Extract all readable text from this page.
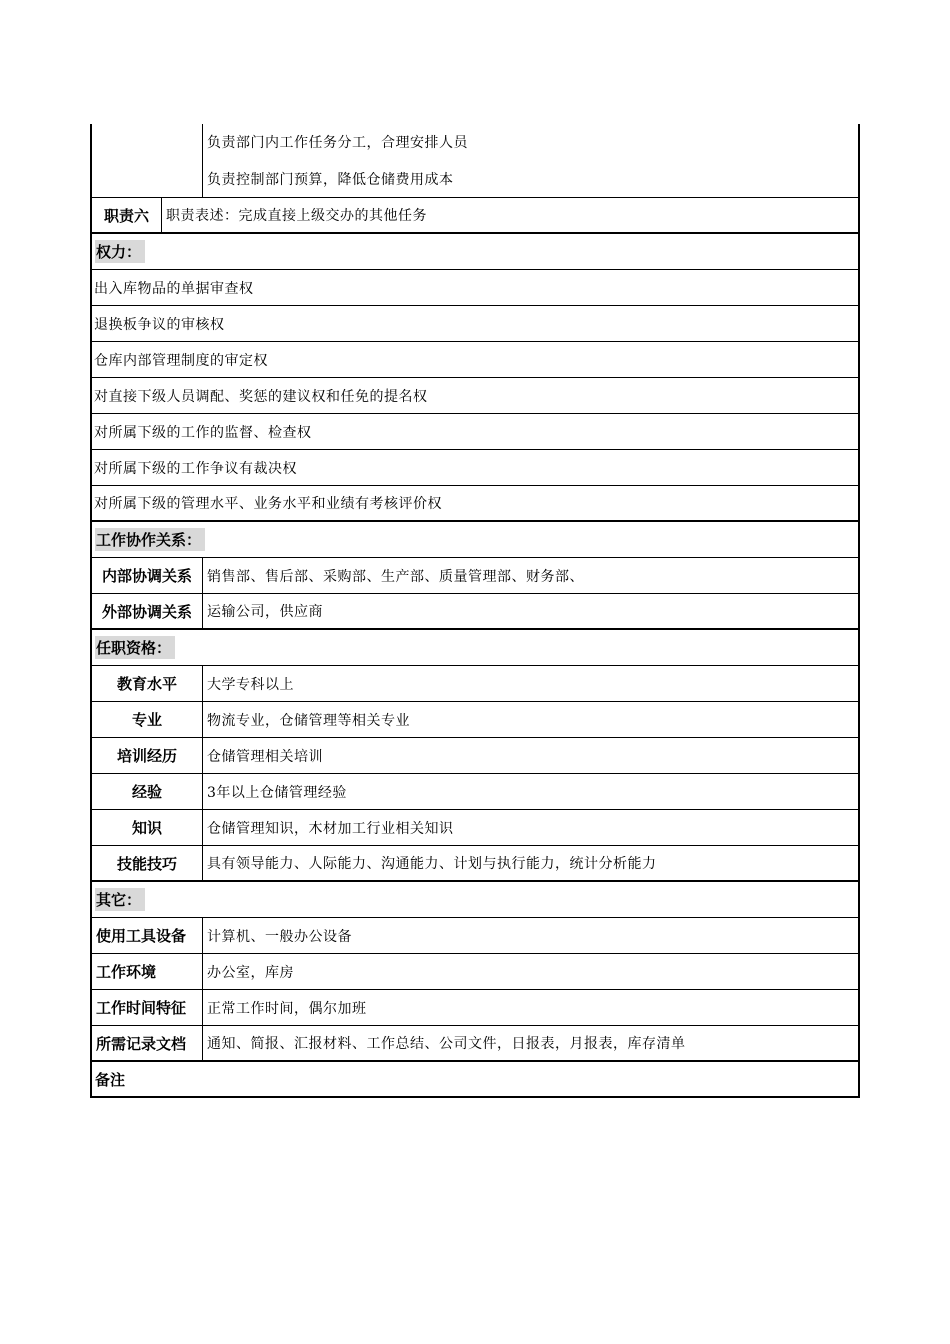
负责部门内工作任务分工，合理安排人员
负责控制部门预算，降低仓储费用成本
职责六	职责表述：完成直接上级交办的其他任务
权力：
出入库物品的单据审查权
退换板争议的审核权
仓库内部管理制度的审定权
对直接下级人员调配、奖惩的建议权和任免的提名权
对所属下级的工作的监督、检查权
对所属下级的工作争议有裁决权
对所属下级的管理水平、业务水平和业绩有考核评价权
工作协作关系：
内部协调关系	销售部、售后部、采购部、生产部、质量管理部、财务部、
外部协调关系	运输公司，供应商
任职资格：
教育水平	大学专科以上
专业	物流专业，仓储管理等相关专业
培训经历	仓储管理相关培训
经验	3年以上仓储管理经验
知识	仓储管理知识，木材加工行业相关知识
技能技巧	具有领导能力、人际能力、沟通能力、计划与执行能力，统计分析能力
其它：
使用工具设备	计算机、一般办公设备
工作环境	办公室，库房
工作时间特征	正常工作时间，偶尔加班
所需记录文档	通知、简报、汇报材料、工作总结、公司文件，日报表，月报表，库存清单
备注
